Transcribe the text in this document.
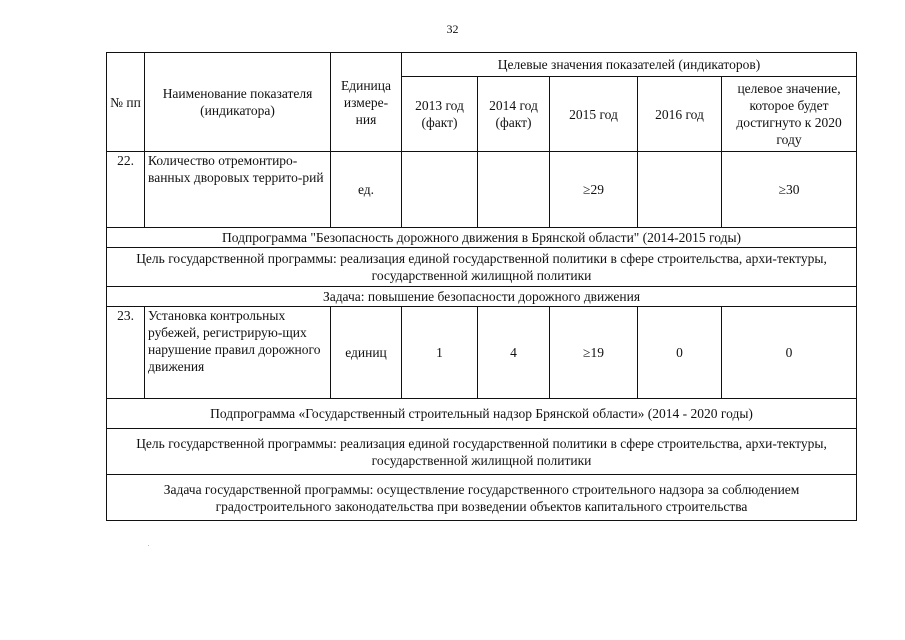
32
№ пп	Наименование показателя (индикатора)	Единица измере-ния	Целевые значения показателей (индикаторов)				
			2013 год (факт)	2014 год (факт)	2015 год	2016 год	целевое значение, которое будет достигнуто к 2020 году
22.	Количество отремонтиро-ванных дворовых террито-рий	ед.			≥29		≥30
Подпрограмма "Безопасность дорожного движения в Брянской области" (2014-2015 годы)							
Цель государственной программы: реализация единой государственной политики в сфере строительства, архи-тектуры, государственной жилищной политики							
Задача: повышение безопасности дорожного движения							
23.	Установка контрольных рубежей, регистрирую-щих нарушение правил дорожного движения	единиц	1	4	≥19	0	0
Подпрограмма «Государственный строительный надзор Брянской области» (2014 - 2020 годы)							
Цель государственной программы: реализация единой государственной политики в сфере строительства, архи-тектуры, государственной жилищной политики							
Задача государственной программы: осуществление государственного строительного надзора за соблюдением градостроительного законодательства при возведении объектов капитального строительства							
